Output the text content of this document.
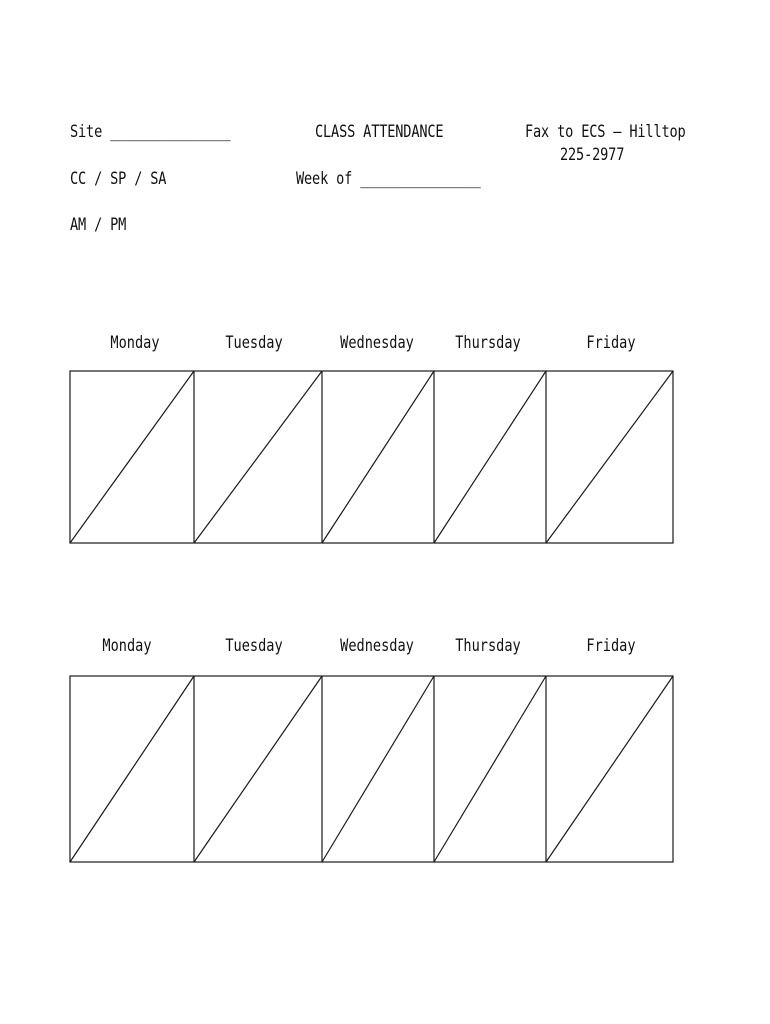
Site _______________	CLASS ATTENDANCE	Fax to ECS – Hilltop
225-2977
CC / SP / SA	Week of _______________
AM / PM
Monday	Tuesday	Wednesday	Thursday	Friday
Monday	Tuesday	Wednesday	Thursday	Friday
